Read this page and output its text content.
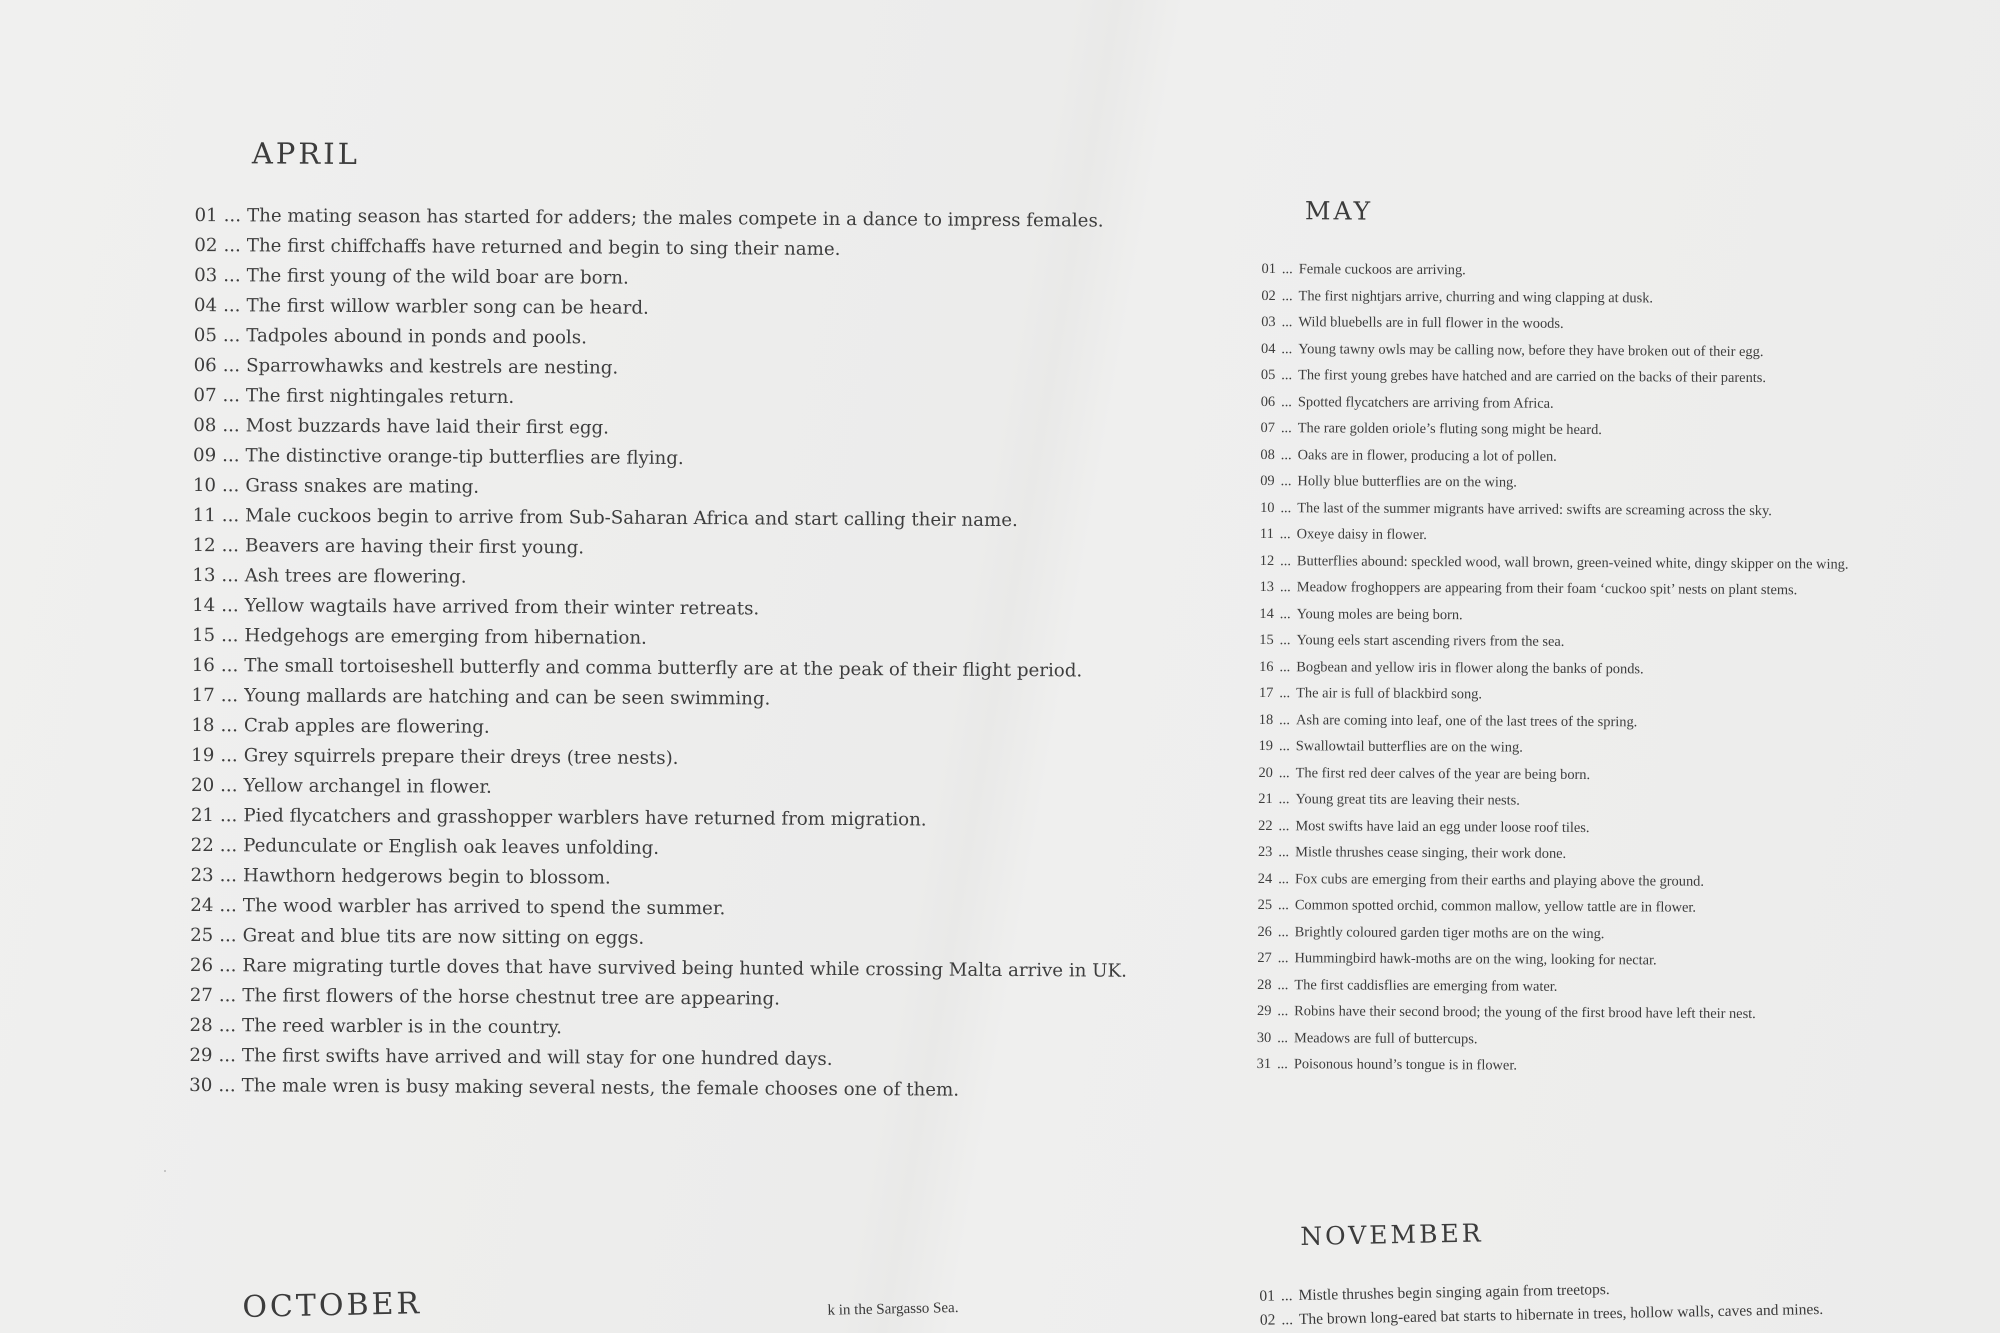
APRIL
01 ... The mating season has started for adders; the males compete in a dance to impress females.
02 ... The first chiffchaffs have returned and begin to sing their name.
03 ... The first young of the wild boar are born.
04 ... The first willow warbler song can be heard.
05 ... Tadpoles abound in ponds and pools.
06 ... Sparrowhawks and kestrels are nesting.
07 ... The first nightingales return.
08 ... Most buzzards have laid their first egg.
09 ... The distinctive orange-tip butterflies are flying.
10 ... Grass snakes are mating.
11 ... Male cuckoos begin to arrive from Sub-Saharan Africa and start calling their name.
12 ... Beavers are having their first young.
13 ... Ash trees are flowering.
14 ... Yellow wagtails have arrived from their winter retreats.
15 ... Hedgehogs are emerging from hibernation.
16 ... The small tortoiseshell butterfly and comma butterfly are at the peak of their flight period.
17 ... Young mallards are hatching and can be seen swimming.
18 ... Crab apples are flowering.
19 ... Grey squirrels prepare their dreys (tree nests).
20 ... Yellow archangel in flower.
21 ... Pied flycatchers and grasshopper warblers have returned from migration.
22 ... Pedunculate or English oak leaves unfolding.
23 ... Hawthorn hedgerows begin to blossom.
24 ... The wood warbler has arrived to spend the summer.
25 ... Great and blue tits are now sitting on eggs.
26 ... Rare migrating turtle doves that have survived being hunted while crossing Malta arrive in UK.
27 ... The first flowers of the horse chestnut tree are appearing.
28 ... The reed warbler is in the country.
29 ... The first swifts have arrived and will stay for one hundred days.
30 ... The male wren is busy making several nests, the female chooses one of them.
MAY
01 ... Female cuckoos are arriving.
02 ... The first nightjars arrive, churring and wing clapping at dusk.
03 ... Wild bluebells are in full flower in the woods.
04 ... Young tawny owls may be calling now, before they have broken out of their egg.
05 ... The first young grebes have hatched and are carried on the backs of their parents.
06 ... Spotted flycatchers are arriving from Africa.
07 ... The rare golden oriole’s fluting song might be heard.
08 ... Oaks are in flower, producing a lot of pollen.
09 ... Holly blue butterflies are on the wing.
10 ... The last of the summer migrants have arrived: swifts are screaming across the sky.
11 ... Oxeye daisy in flower.
12 ... Butterflies abound: speckled wood, wall brown, green-veined white, dingy skipper on the wing.
13 ... Meadow froghoppers are appearing from their foam ‘cuckoo spit’ nests on plant stems.
14 ... Young moles are being born.
15 ... Young eels start ascending rivers from the sea.
16 ... Bogbean and yellow iris in flower along the banks of ponds.
17 ... The air is full of blackbird song.
18 ... Ash are coming into leaf, one of the last trees of the spring.
19 ... Swallowtail butterflies are on the wing.
20 ... The first red deer calves of the year are being born.
21 ... Young great tits are leaving their nests.
22 ... Most swifts have laid an egg under loose roof tiles.
23 ... Mistle thrushes cease singing, their work done.
24 ... Fox cubs are emerging from their earths and playing above the ground.
25 ... Common spotted orchid, common mallow, yellow tattle are in flower.
26 ... Brightly coloured garden tiger moths are on the wing.
27 ... Hummingbird hawk-moths are on the wing, looking for nectar.
28 ... The first caddisflies are emerging from water.
29 ... Robins have their second brood; the young of the first brood have left their nest.
30 ... Meadows are full of buttercups.
31 ... Poisonous hound’s tongue is in flower.
OCTOBER	k in the Sargasso Sea.
NOVEMBER
01 ... Mistle thrushes begin singing again from treetops.
02 ... The brown long-eared bat starts to hibernate in trees, hollow walls, caves and mines.
